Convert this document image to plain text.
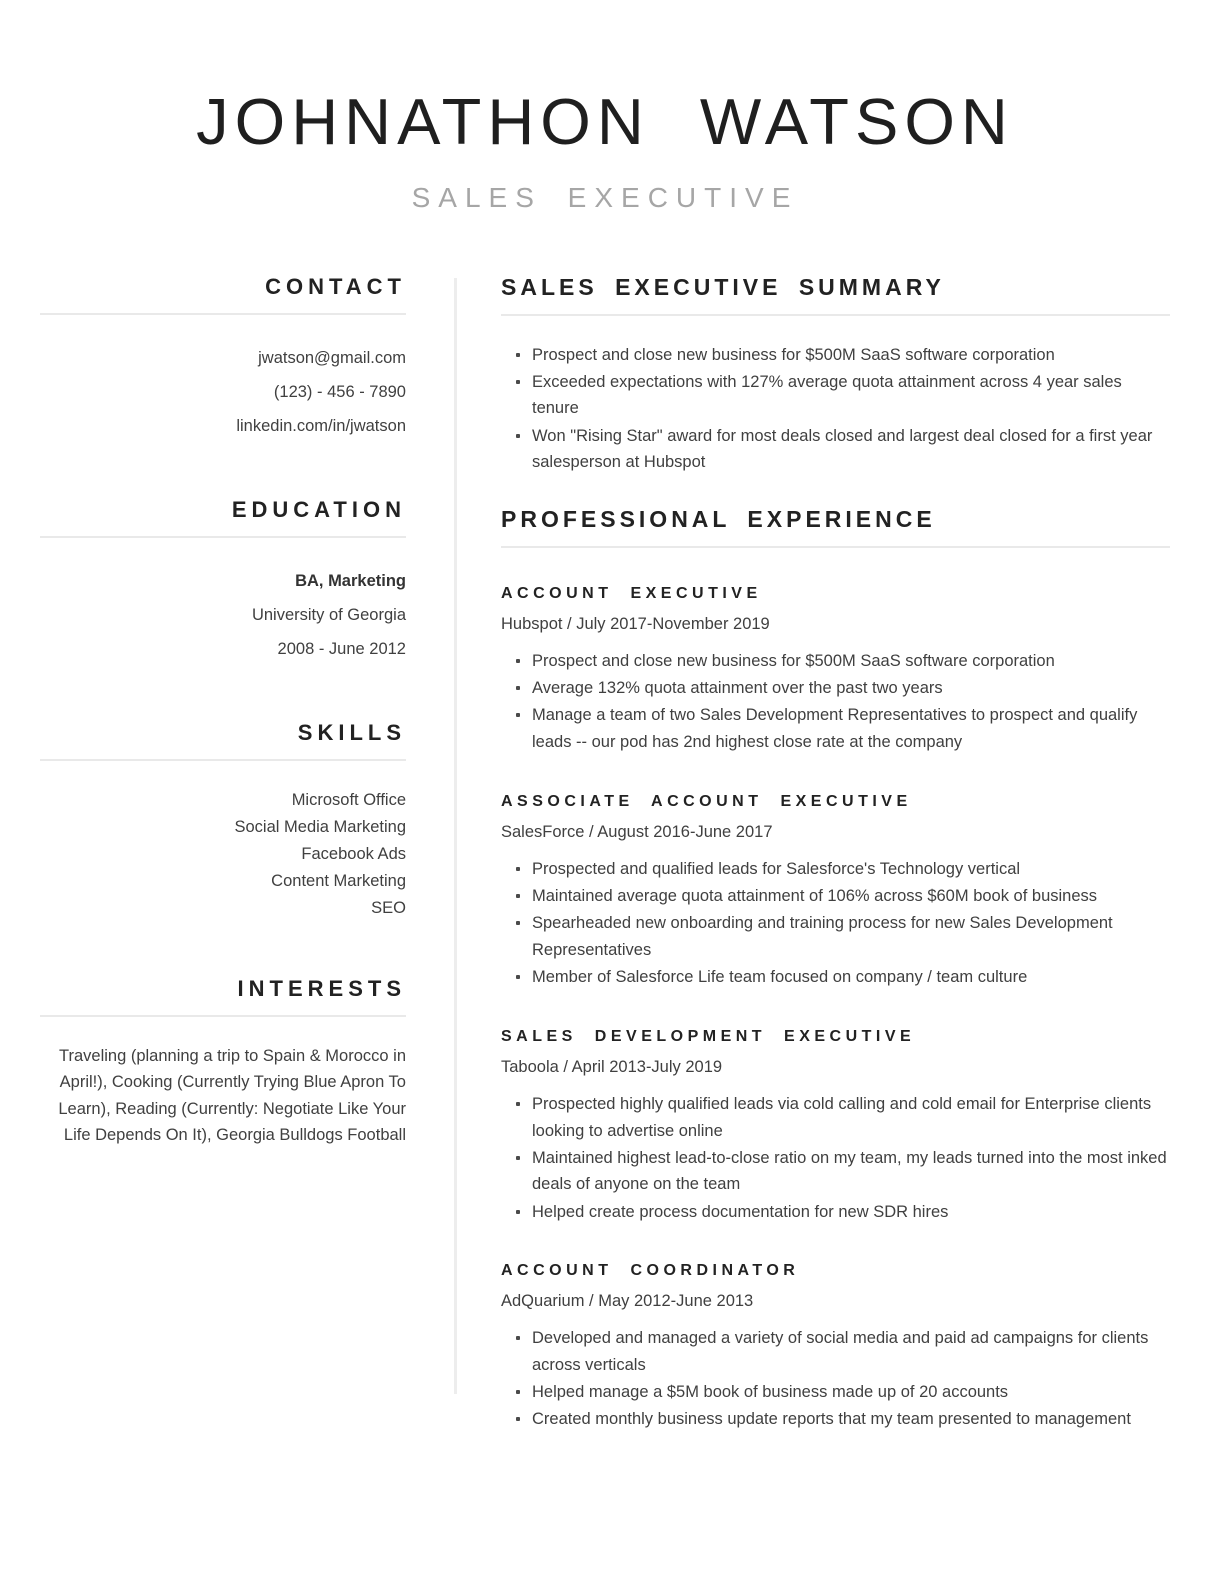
JOHNATHON WATSON
SALES EXECUTIVE
CONTACT
jwatson@gmail.com
(123) - 456 - 7890
linkedin.com/in/jwatson
EDUCATION
BA, Marketing
University of Georgia
2008 - June 2012
SKILLS
Microsoft Office
Social Media Marketing
Facebook Ads
Content Marketing
SEO
INTERESTS

Traveling (planning a trip to Spain & Morocco in April!), Cooking (Currently Trying Blue Apron To Learn), Reading (Currently: Negotiate Like Your Life Depends On It), Georgia Bulldogs Football

SALES EXECUTIVE SUMMARY
Prospect and close new business for $500M SaaS software corporation
Exceeded expectations with 127% average quota attainment across 4 year sales tenure
Won "Rising Star" award for most deals closed and largest deal closed for a first year salesperson at Hubspot
PROFESSIONAL EXPERIENCE
ACCOUNT EXECUTIVE
Hubspot / July 2017-November 2019
Prospect and close new business for $500M SaaS software corporation
Average 132% quota attainment over the past two years
Manage a team of two Sales Development Representatives to prospect and qualify leads -- our pod has 2nd highest close rate at the company
ASSOCIATE ACCOUNT EXECUTIVE
SalesForce / August 2016-June 2017
Prospected and qualified leads for Salesforce's Technology vertical
Maintained average quota attainment of 106% across $60M book of business
Spearheaded new onboarding and training process for new Sales Development Representatives
Member of Salesforce Life team focused on company / team culture
SALES DEVELOPMENT EXECUTIVE
Taboola / April 2013-July 2019
Prospected highly qualified leads via cold calling and cold email for Enterprise clients looking to advertise online
Maintained highest lead-to-close ratio on my team, my leads turned into the most inked deals of anyone on the team
Helped create process documentation for new SDR hires
ACCOUNT COORDINATOR
AdQuarium / May 2012-June 2013
Developed and managed a variety of social media and paid ad campaigns for clients across verticals
Helped manage a $5M book of business made up of 20 accounts
Created monthly business update reports that my team presented to management
